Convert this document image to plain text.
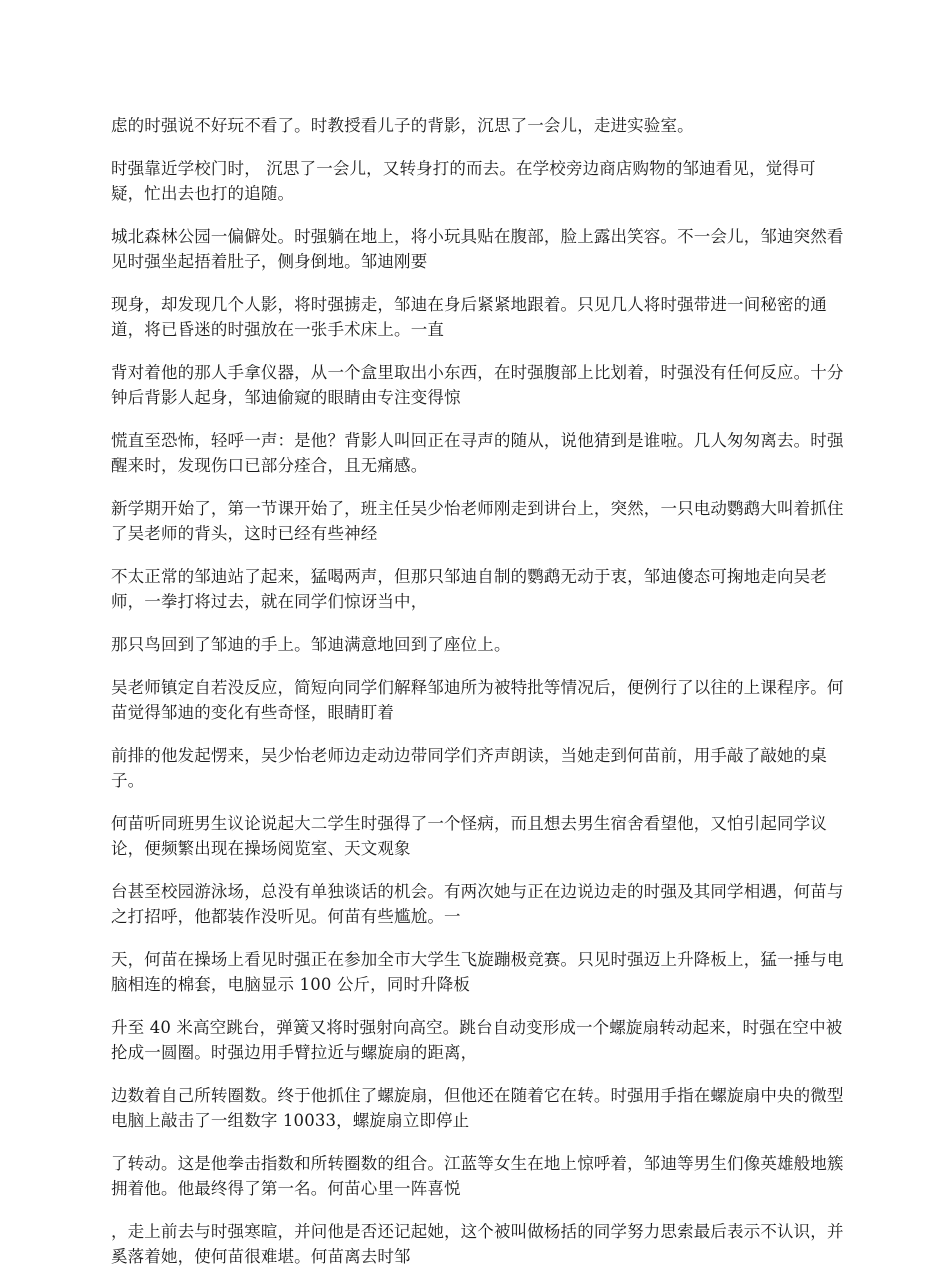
虑的时强说不好玩不看了。时教授看儿子的背影，沉思了一会儿，走进实验室。

时强靠近学校门时， 沉思了一会儿，又转身打的而去。在学校旁边商店购物的邹迪看见，觉得可疑，忙出去也打的追随。

城北森林公园一偏僻处。时强躺在地上，将小玩具贴在腹部，脸上露出笑容。不一会儿，邹迪突然看见时强坐起捂着肚子，侧身倒地。邹迪刚要

现身，却发现几个人影，将时强掳走，邹迪在身后紧紧地跟着。只见几人将时强带进一间秘密的通道，将已昏迷的时强放在一张手术床上。一直

背对着他的那人手拿仪器，从一个盒里取出小东西，在时强腹部上比划着，时强没有任何反应。十分钟后背影人起身，邹迪偷窥的眼睛由专注变得惊

慌直至恐怖，轻呼一声：是他？背影人叫回正在寻声的随从，说他猜到是谁啦。几人匆匆离去。时强醒来时，发现伤口已部分痊合，且无痛感。

新学期开始了，第一节课开始了，班主任吴少怡老师刚走到讲台上，突然，一只电动鹦鹉大叫着抓住了吴老师的背头，这时已经有些神经

不太正常的邹迪站了起来，猛喝两声，但那只邹迪自制的鹦鹉无动于衷，邹迪傻态可掬地走向吴老师，一拳打将过去，就在同学们惊讶当中，

那只鸟回到了邹迪的手上。邹迪满意地回到了座位上。

吴老师镇定自若没反应，简短向同学们解释邹迪所为被特批等情况后，便例行了以往的上课程序。何苗觉得邹迪的变化有些奇怪，眼睛盯着

前排的他发起愣来，吴少怡老师边走动边带同学们齐声朗读，当她走到何苗前，用手敲了敲她的桌子。

何苗听同班男生议论说起大二学生时强得了一个怪病，而且想去男生宿舍看望他，又怕引起同学议论，便频繁出现在操场阅览室、天文观象

台甚至校园游泳场，总没有单独谈话的机会。有两次她与正在边说边走的时强及其同学相遇，何苗与之打招呼，他都装作没听见。何苗有些尴尬。一

天，何苗在操场上看见时强正在参加全市大学生飞旋蹦极竞赛。只见时强迈上升降板上，猛一捶与电脑相连的棉套，电脑显示 100 公斤，同时升降板

升至 40 米高空跳台，弹簧又将时强射向高空。跳台自动变形成一个螺旋扇转动起来，时强在空中被抡成一圆圈。时强边用手臂拉近与螺旋扇的距离，

边数着自己所转圈数。终于他抓住了螺旋扇，但他还在随着它在转。时强用手指在螺旋扇中央的微型电脑上敲击了一组数字 10033，螺旋扇立即停止

了转动。这是他拳击指数和所转圈数的组合。江蓝等女生在地上惊呼着，邹迪等男生们像英雄般地簇拥着他。他最终得了第一名。何苗心里一阵喜悦

，走上前去与时强寒暄，并问他是否还记起她，这个被叫做杨括的同学努力思索最后表示不认识，并奚落着她，使何苗很难堪。何苗离去时邹
